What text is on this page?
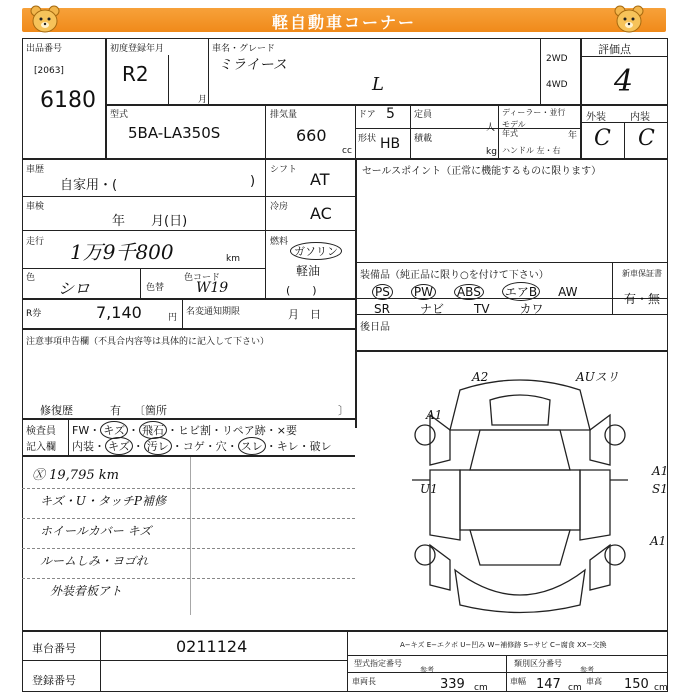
軽自動車コーナー
出品番号
[2063]
6180
初度登録年月
R2
月
車名・グレード
ミライース
L
2WD
4WD
評価点
4
外装 内装
C C
型式
5BA-LA350S
排気量
660
cc
ドア 5
形状 HB
定員
人
積載
kg
ディーラー・並行
モデル年式	年
ハンドル 左・右
車歴
自家用・(	)
車検
年　　月(日)
走行 1万9千800	km
色
シロ	色替
色コード
W19
シフト AT
冷房 AC
燃料
ガソリン
軽油
(　　)
R券	7,140	円
名変通知期限	月　日
注意事項申告欄（不具合内容等は具体的に記入して下さい）
修復歴	有 〔箇所	〕
検査員
記入欄
FW・ キズ ・ 飛石 ・ヒビ割・リペア跡・×要
内装・ キズ ・ 汚レ ・コゲ・穴・ スレ ・キレ・破レ
Ⓧ 19,795 km
キズ・U・タッチP補修
ホイールカバー キズ
ルームしみ・ヨゴれ
外装着板アト
セールスポイント（正常に機能するものに限ります）
装備品（純正品に限り○を付けて下さい）
PS PW ABS エアB AW
SR	ナビ	TV	カワ
新車保証書
有・無
後日品
A2	AUスリ
A1
A1
A1
S1
U1
車台番号	0211124
登録番号
A−キズ E−エクボ U−凹み W−補修跡 S−サビ C−腐食 XX−交換
型式指定番号
参考
類別区分番号
参考
車両長	339 cm
車幅 147 cm
車高 150 cm
